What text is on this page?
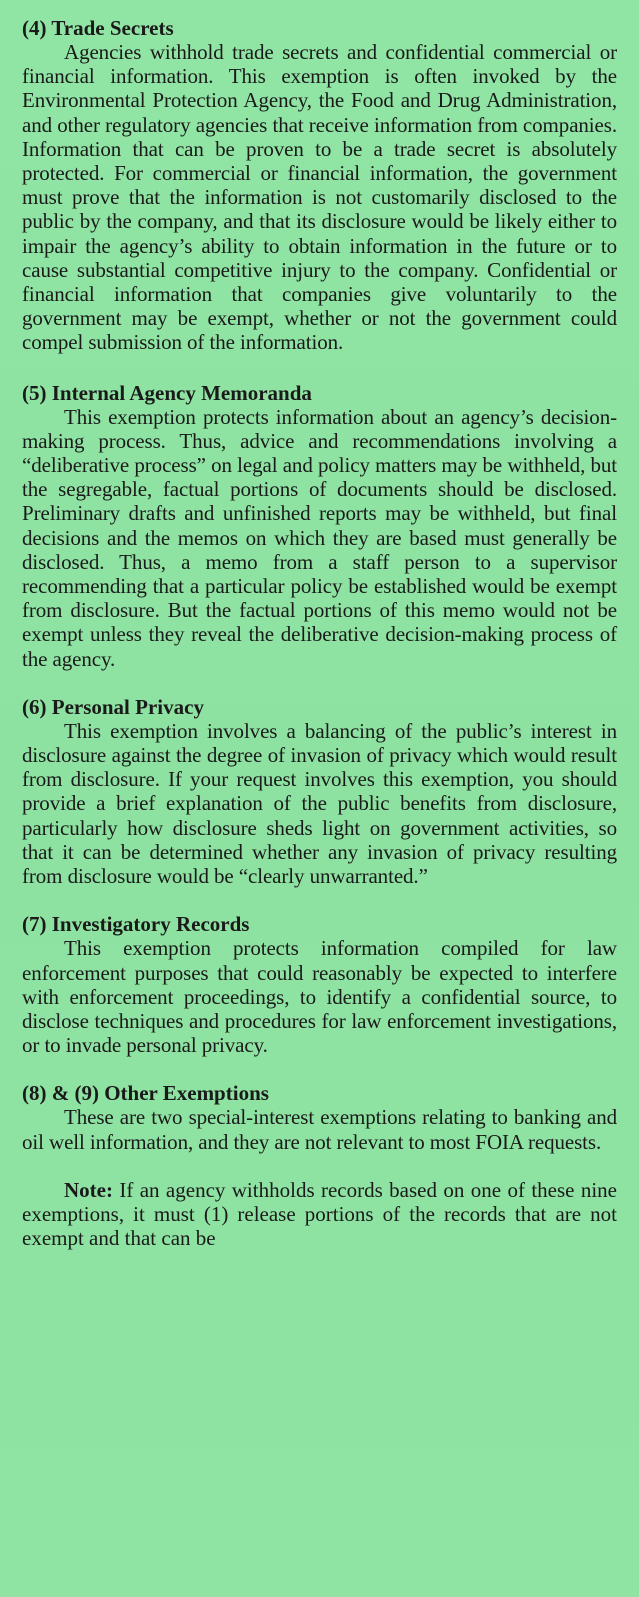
(4) Trade Secrets

Agencies withhold trade secrets and confidential commercial or financial information. This exemption is often invoked by the Environmental Protection Agency, the Food and Drug Administration, and other regulatory agencies that receive information from companies. Information that can be proven to be a trade secret is absolutely protected. For commercial or financial information, the government must prove that the information is not customarily disclosed to the public by the company, and that its disclosure would be likely either to impair the agency’s ability to obtain information in the future or to cause substantial competitive injury to the company. Confidential or financial information that companies give voluntarily to the government may be exempt, whether or not the government could compel submission of the information.

(5) Internal Agency Memoranda

This exemption protects information about an agency’s decision-making process. Thus, advice and recommendations involving a “deliberative process” on legal and policy matters may be withheld, but the segregable, factual portions of documents should be disclosed. Preliminary drafts and unfinished reports may be withheld, but final decisions and the memos on which they are based must generally be disclosed. Thus, a memo from a staff person to a supervisor recommending that a particular policy be established would be exempt from disclosure. But the factual portions of this memo would not be exempt unless they reveal the deliberative decision-making process of the agency.

(6) Personal Privacy

This exemption involves a balancing of the public’s interest in disclosure against the degree of invasion of privacy which would result from disclosure. If your request involves this exemption, you should provide a brief explanation of the public benefits from disclosure, particularly how disclosure sheds light on government activities, so that it can be determined whether any invasion of privacy resulting from disclosure would be “clearly unwarranted.”

(7) Investigatory Records

This exemption protects information compiled for law enforcement purposes that could reasonably be expected to interfere with enforcement proceedings, to identify a confidential source, to disclose techniques and procedures for law enforcement investigations, or to invade personal privacy.

(8) & (9) Other Exemptions

These are two special-interest exemptions relating to banking and oil well information, and they are not relevant to most FOIA requests.

Note: If an agency withholds records based on one of these nine exemptions, it must (1) release portions of the records that are not exempt and that can be
